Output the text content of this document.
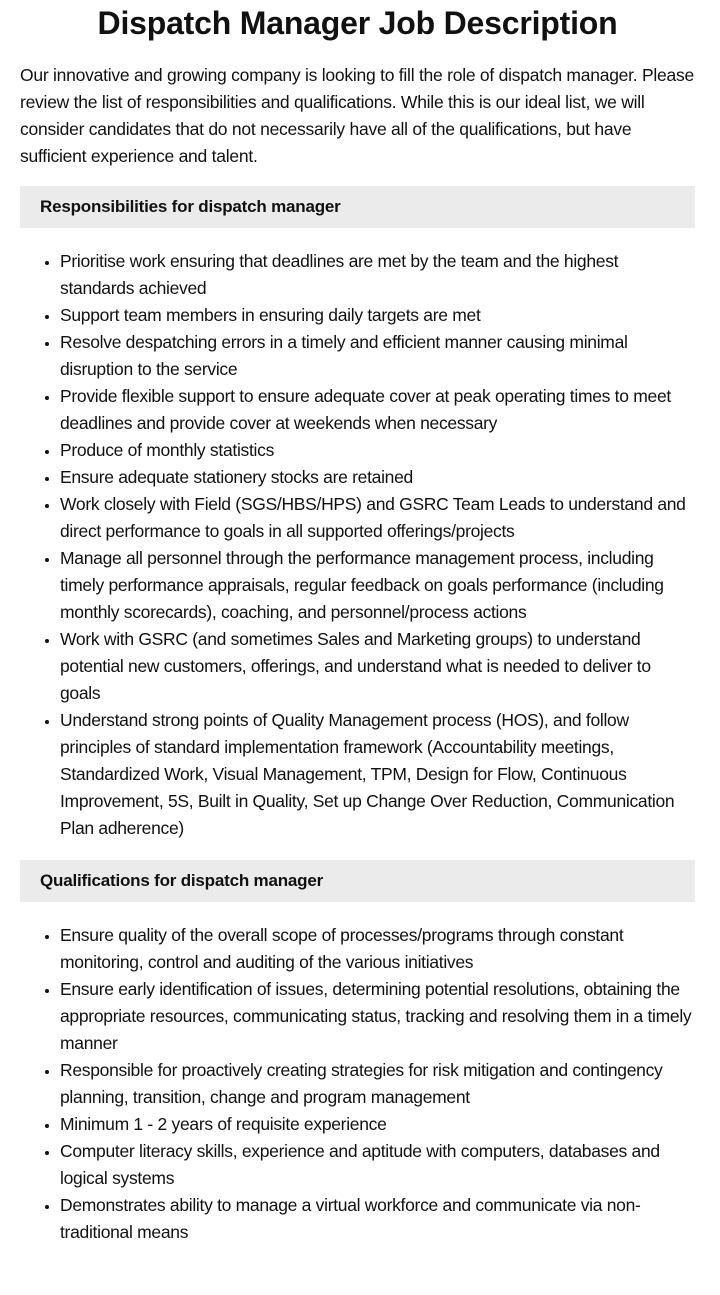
Dispatch Manager Job Description

Our innovative and growing company is looking to fill the role of dispatch manager. Please review the list of responsibilities and qualifications. While this is our ideal list, we will consider candidates that do not necessarily have all of the qualifications, but have sufficient experience and talent.

Responsibilities for dispatch manager
• Prioritise work ensuring that deadlines are met by the team and the highest standards achieved
• Support team members in ensuring daily targets are met
• Resolve despatching errors in a timely and efficient manner causing minimal disruption to the service
• Provide flexible support to ensure adequate cover at peak operating times to meet deadlines and provide cover at weekends when necessary
• Produce of monthly statistics
• Ensure adequate stationery stocks are retained
• Work closely with Field (SGS/HBS/HPS) and GSRC Team Leads to understand and direct performance to goals in all supported offerings/projects
• Manage all personnel through the performance management process, including timely performance appraisals, regular feedback on goals performance (including monthly scorecards), coaching, and personnel/process actions
• Work with GSRC (and sometimes Sales and Marketing groups) to understand potential new customers, offerings, and understand what is needed to deliver to goals
• Understand strong points of Quality Management process (HOS), and follow principles of standard implementation framework (Accountability meetings, Standardized Work, Visual Management, TPM, Design for Flow, Continuous Improvement, 5S, Built in Quality, Set up Change Over Reduction, Communication Plan adherence)
Qualifications for dispatch manager
• Ensure quality of the overall scope of processes/programs through constant monitoring, control and auditing of the various initiatives
• Ensure early identification of issues, determining potential resolutions, obtaining the appropriate resources, communicating status, tracking and resolving them in a timely manner
• Responsible for proactively creating strategies for risk mitigation and contingency planning, transition, change and program management
• Minimum 1 - 2 years of requisite experience
• Computer literacy skills, experience and aptitude with computers, databases and logical systems
• Demonstrates ability to manage a virtual workforce and communicate via non-traditional means
